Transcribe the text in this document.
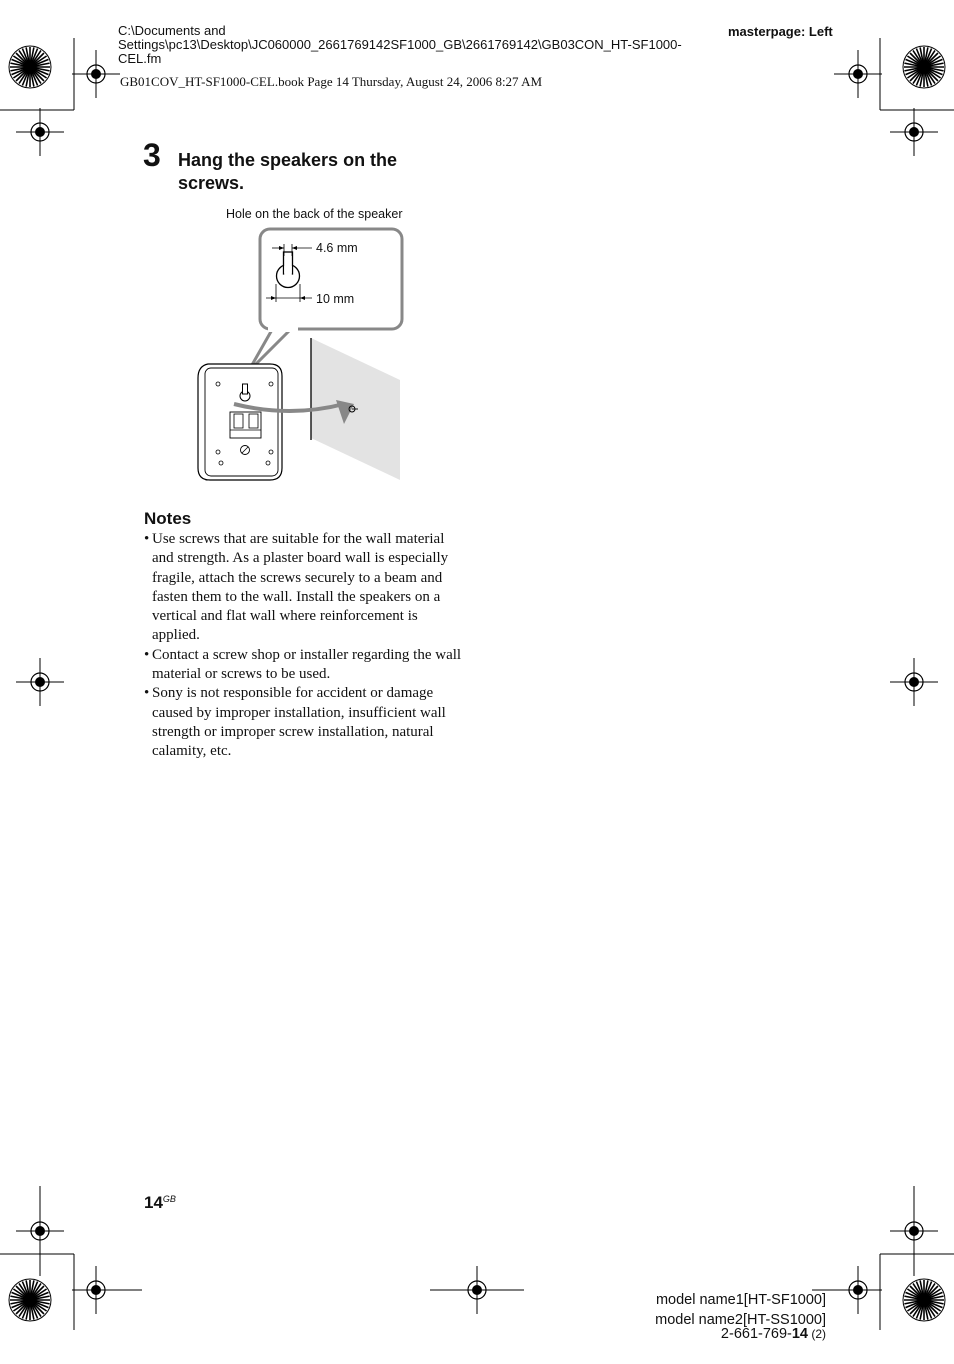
C:\Documents and Settings\pc13\Desktop\JC060000_2661769142SF1000_GB\2661769142\GB03CON_HT-SF1000-CEL.fm
masterpage: Left
GB01COV_HT-SF1000-CEL.book Page 14 Thursday, August 24, 2006 8:27 AM
3 Hang the speakers on the screws.
Hole on the back of the speaker
4.6 mm
10 mm
Notes
• Use screws that are suitable for the wall material and strength. As a plaster board wall is especially fragile, attach the screws securely to a beam and fasten them to the wall. Install the speakers on a vertical and flat wall where reinforcement is applied.
• Contact a screw shop or installer regarding the wall material or screws to be used.
• Sony is not responsible for accident or damage caused by improper installation, insufficient wall strength or improper screw installation, natural calamity, etc.
$14^{GB}$
model name1[HT-SF1000]
model name2[HT-SS1000]
2-661-769-14 (2)
